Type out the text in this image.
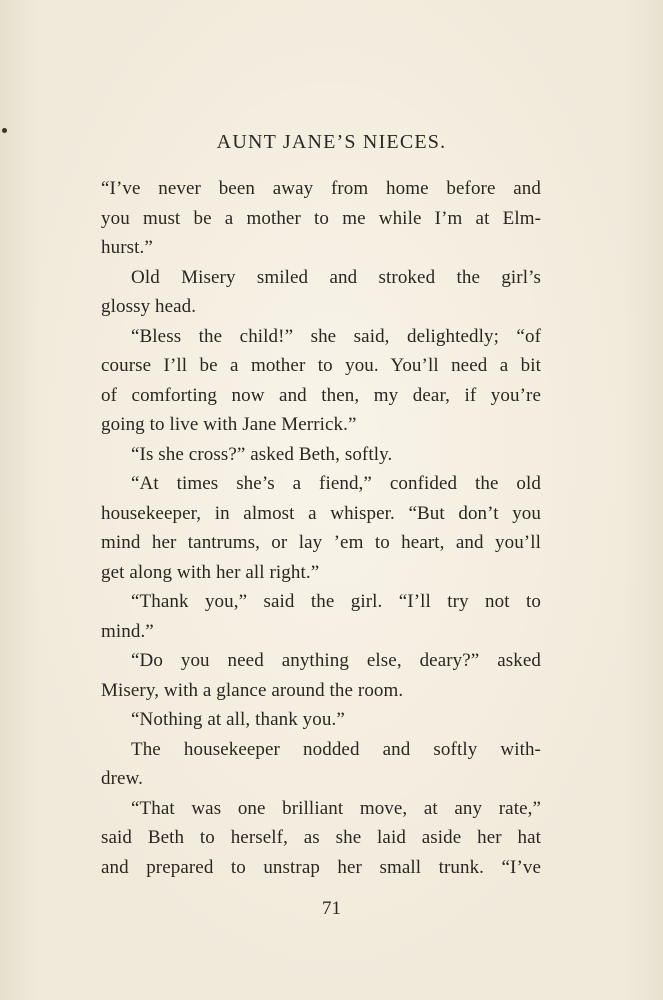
AUNT JANE’S NIECES.
“I’ve never been away from home before and
you must be a mother to me while I’m at Elm-
hurst.”
Old Misery smiled and stroked the girl’s
glossy head.
“Bless the child!” she said, delightedly; “of
course I’ll be a mother to you. You’ll need a bit
of comforting now and then, my dear, if you’re
going to live with Jane Merrick.”
“Is she cross?” asked Beth, softly.
“At times she’s a fiend,” confided the old
housekeeper, in almost a whisper. “But don’t you
mind her tantrums, or lay ’em to heart, and you’ll
get along with her all right.”
“Thank you,” said the girl. “I’ll try not to
mind.”
“Do you need anything else, deary?” asked
Misery, with a glance around the room.
“Nothing at all, thank you.”
The housekeeper nodded and softly with-
drew.
“That was one brilliant move, at any rate,”
said Beth to herself, as she laid aside her hat
and prepared to unstrap her small trunk. “I’ve
71
